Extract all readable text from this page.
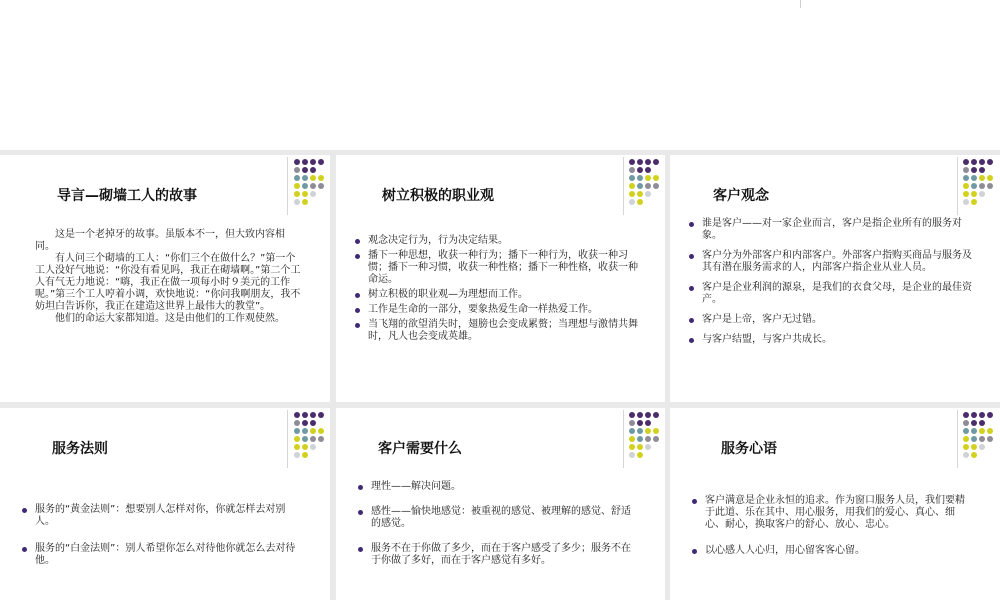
导言—砌墙工人的故事

这是一个老掉牙的故事。虽版本不一，但大致内容相同。

有人问三个砌墙的工人：“你们三个在做什么？”第一个工人没好气地说：“你没有看见吗，我正在砌墙啊。”第二个工人有气无力地说：“嗨，我正在做一项每小时９美元的工作呢。”第三个工人哼着小调，欢快地说：“你问我啊朋友，我不妨坦白告诉你，我正在建造这世界上最伟大的教堂”。

他们的命运大家都知道。这是由他们的工作观使然。

树立积极的职业观
观念决定行为，行为决定结果。
播下一种思想，收获一种行为；播下一种行为，收获一种习惯；播下一种习惯，收获一种性格；播下一种性格，收获一种命运。
树立积极的职业观—为理想而工作。
工作是生命的一部分，要象热爱生命一样热爱工作。
当飞翔的欲望消失时，翅膀也会变成累赘；当理想与激情共舞时，凡人也会变成英雄。
客户观念
谁是客户——对一家企业而言，客户是指企业所有的服务对象。
客户分为外部客户和内部客户。外部客户指购买商品与服务及其有潜在服务需求的人，内部客户指企业从业人员。
客户是企业利润的源泉，是我们的衣食父母，是企业的最佳资产。
客户是上帝，客户无过错。
与客户结盟，与客户共成长。
服务法则
服务的“黄金法则”：想要别人怎样对你，你就怎样去对别人。
服务的“白金法则”：别人希望你怎么对待他你就怎么去对待他。
客户需要什么
理性——解决问题。
感性——愉快地感觉：被重视的感觉、被理解的感觉、舒适的感觉。
服务不在于你做了多少，而在于客户感受了多少；服务不在于你做了多好，而在于客户感觉有多好。
服务心语
客户满意是企业永恒的追求。作为窗口服务人员，我们要精于此道、乐在其中、用心服务，用我们的爱心、真心、细心、耐心，换取客户的舒心、放心、忠心。
以心感人人心归，用心留客客心留。
